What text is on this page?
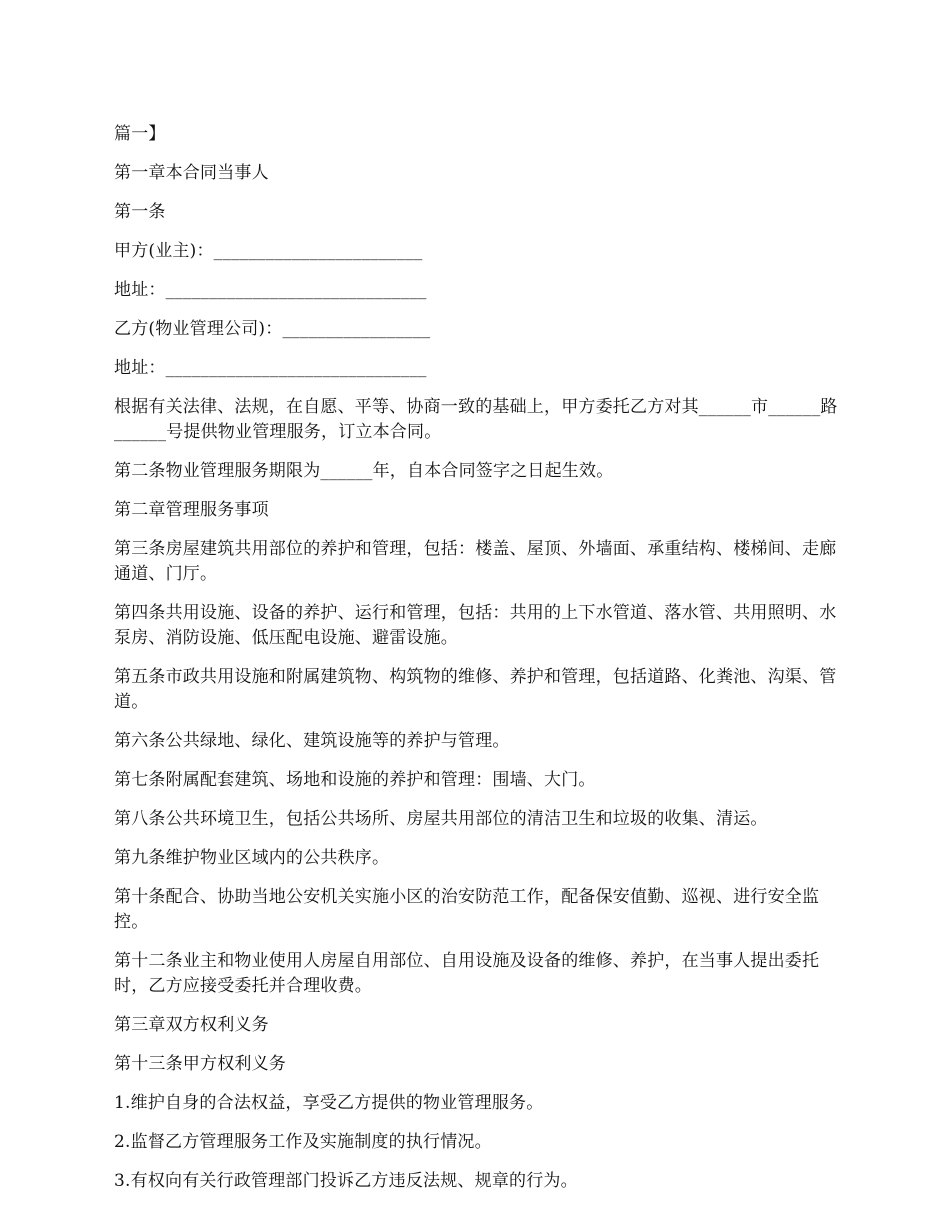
篇一】

第一章本合同当事人

第一条

甲方(业主)：________________________

地址：______________________________

乙方(物业管理公司)：_________________

地址：______________________________

根据有关法律、法规，在自愿、平等、协商一致的基础上，甲方委托乙方对其______市______路______号提供物业管理服务，订立本合同。

第二条物业管理服务期限为______年，自本合同签字之日起生效。

第二章管理服务事项

第三条房屋建筑共用部位的养护和管理，包括：楼盖、屋顶、外墙面、承重结构、楼梯间、走廊通道、门厅。

第四条共用设施、设备的养护、运行和管理，包括：共用的上下水管道、落水管、共用照明、水泵房、消防设施、低压配电设施、避雷设施。

第五条市政共用设施和附属建筑物、构筑物的维修、养护和管理，包括道路、化粪池、沟渠、管道。

第六条公共绿地、绿化、建筑设施等的养护与管理。

第七条附属配套建筑、场地和设施的养护和管理：围墙、大门。

第八条公共环境卫生，包括公共场所、房屋共用部位的清洁卫生和垃圾的收集、清运。

第九条维护物业区域内的公共秩序。

第十条配合、协助当地公安机关实施小区的治安防范工作，配备保安值勤、巡视、进行安全监控。

第十二条业主和物业使用人房屋自用部位、自用设施及设备的维修、养护，在当事人提出委托时，乙方应接受委托并合理收费。

第三章双方权利义务

第十三条甲方权利义务

1.维护自身的合法权益，享受乙方提供的物业管理服务。

2.监督乙方管理服务工作及实施制度的执行情况。

3.有权向有关行政管理部门投诉乙方违反法规、规章的行为。
